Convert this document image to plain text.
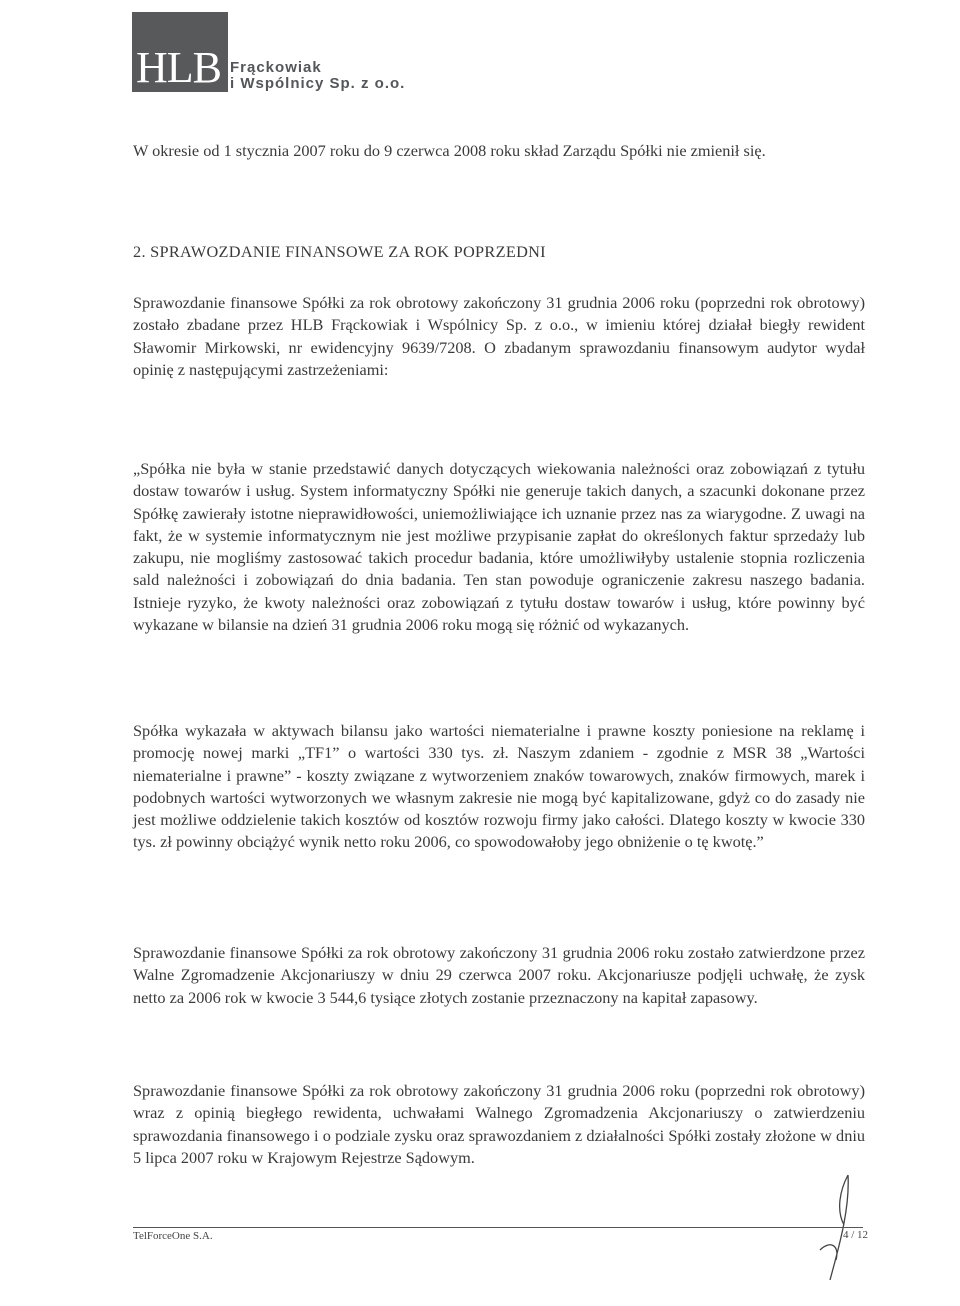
HLB Frąckowiak
i Wspólnicy Sp. z o.o.

W okresie od 1 stycznia 2007 roku do 9 czerwca 2008 roku skład Zarządu Spółki nie zmienił się.

2. SPRAWOZDANIE FINANSOWE ZA ROK POPRZEDNI

Sprawozdanie finansowe Spółki za rok obrotowy zakończony 31 grudnia 2006 roku (poprzedni rok obrotowy) zostało zbadane przez HLB Frąckowiak i Wspólnicy Sp. z o.o., w imieniu której działał biegły rewident Sławomir Mirkowski, nr ewidencyjny 9639/7208. O zbadanym sprawozdaniu finansowym audytor wydał opinię z następującymi zastrzeżeniami:

„Spółka nie była w stanie przedstawić danych dotyczących wiekowania należności oraz zobowiązań z tytułu dostaw towarów i usług. System informatyczny Spółki nie generuje takich danych, a szacunki dokonane przez Spółkę zawierały istotne nieprawidłowości, uniemożliwiające ich uznanie przez nas za wiarygodne. Z uwagi na fakt, że w systemie informatycznym nie jest możliwe przypisanie zapłat do określonych faktur sprzedaży lub zakupu, nie mogliśmy zastosować takich procedur badania, które umożliwiłyby ustalenie stopnia rozliczenia sald należności i zobowiązań do dnia badania. Ten stan powoduje ograniczenie zakresu naszego badania. Istnieje ryzyko, że kwoty należności oraz zobowiązań z tytułu dostaw towarów i usług, które powinny być wykazane w bilansie na dzień 31 grudnia 2006 roku mogą się różnić od wykazanych.

Spółka wykazała w aktywach bilansu jako wartości niematerialne i prawne koszty poniesione na reklamę i promocję nowej marki „TF1” o wartości 330 tys. zł. Naszym zdaniem - zgodnie z MSR 38 „Wartości niematerialne i prawne” - koszty związane z wytworzeniem znaków towarowych, znaków firmowych, marek i podobnych wartości wytworzonych we własnym zakresie nie mogą być kapitalizowane, gdyż co do zasady nie jest możliwe oddzielenie takich kosztów od kosztów rozwoju firmy jako całości. Dlatego koszty w kwocie 330 tys. zł powinny obciążyć wynik netto roku 2006, co spowodowałoby jego obniżenie o tę kwotę.”

Sprawozdanie finansowe Spółki za rok obrotowy zakończony 31 grudnia 2006 roku zostało zatwierdzone przez Walne Zgromadzenie Akcjonariuszy w dniu 29 czerwca 2007 roku. Akcjonariusze podjęli uchwałę, że zysk netto za 2006 rok w kwocie 3 544,6 tysiące złotych zostanie przeznaczony na kapitał zapasowy.

Sprawozdanie finansowe Spółki za rok obrotowy zakończony 31 grudnia 2006 roku (poprzedni rok obrotowy) wraz z opinią biegłego rewidenta, uchwałami Walnego Zgromadzenia Akcjonariuszy o zatwierdzeniu sprawozdania finansowego i o podziale zysku oraz sprawozdaniem z działalności Spółki zostały złożone w dniu 5 lipca 2007 roku w Krajowym Rejestrze Sądowym.

TelForceOne S.A.	4 / 12
